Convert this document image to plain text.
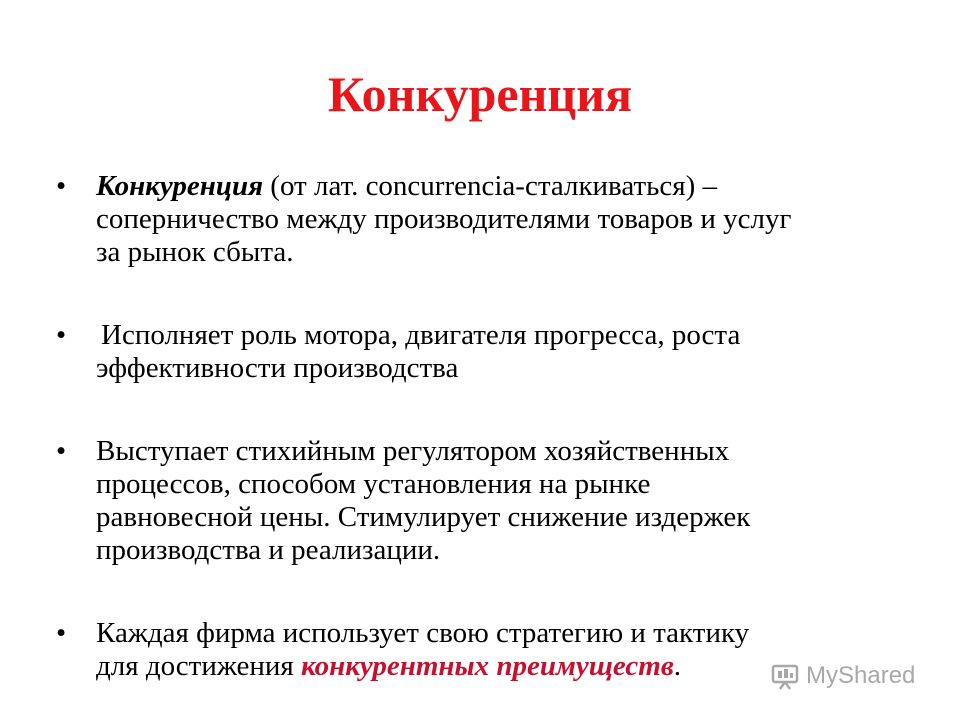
Конкуренция
•	Конкуренция (от лат. concurrencia-сталкиваться) –
соперничество между производителями товаров и услуг
за рынок сбыта.
•	Исполняет роль мотора, двигателя прогресса, роста
эффективности производства
•	Выступает стихийным регулятором хозяйственных
процессов, способом установления на рынке
равновесной цены. Стимулирует снижение издержек
производства и реализации.
•	Каждая фирма использует свою стратегию и тактику
для достижения конкурентных преимуществ.	MyShared
